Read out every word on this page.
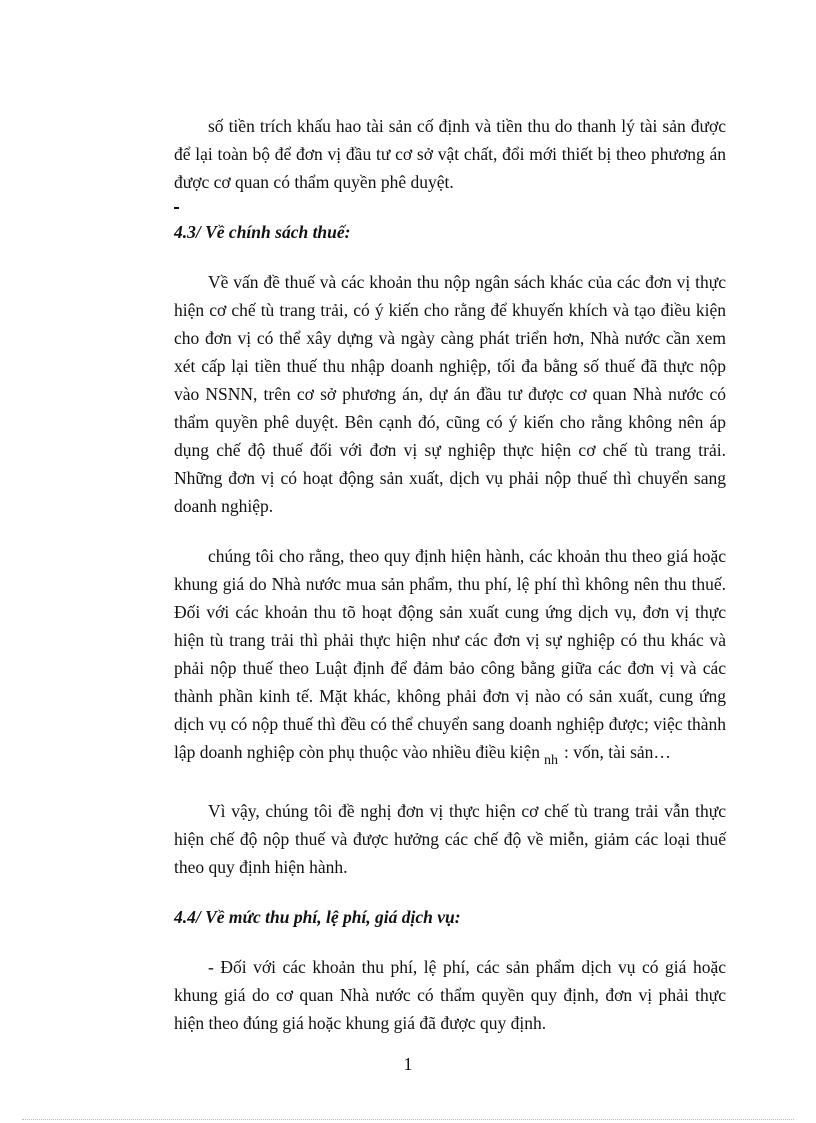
số tiền trích khấu hao tài sản cố định và tiền thu do thanh lý tài sản được để lại toàn bộ để đơn vị đầu tư cơ sở vật chất, đổi mới thiết bị theo phương án được cơ quan có thẩm quyền phê duyệt.

4.3/ Về chính sách thuế:

Về vấn đề thuế và các khoản thu nộp ngân sách khác của các đơn vị thực hiện cơ chế tù trang trải, có ý kiến cho rằng để khuyến khích và tạo điều kiện cho đơn vị có thể xây dựng và ngày càng phát triển hơn, Nhà nước cần xem xét cấp lại tiền thuế thu nhập doanh nghiệp, tối đa bằng số thuế đã thực nộp vào NSNN, trên cơ sở phương án, dự án đầu tư được cơ quan Nhà nước có thẩm quyền phê duyệt. Bên cạnh đó, cũng có ý kiến cho rằng không nên áp dụng chế độ thuế đối với đơn vị sự nghiệp thực hiện cơ chế tù trang trải. Những đơn vị có hoạt động sản xuất, dịch vụ phải nộp thuế thì chuyển sang doanh nghiệp.

chúng tôi cho rằng, theo quy định hiện hành, các khoản thu theo giá hoặc khung giá do Nhà nước mua sản phẩm, thu phí, lệ phí thì không nên thu thuế. Đối với các khoản thu tõ hoạt động sản xuất cung ứng dịch vụ, đơn vị thực hiện tù trang trải thì phải thực hiện như các đơn vị sự nghiệp có thu khác và phải nộp thuế theo Luật định để đảm bảo công bằng giữa các đơn vị và các thành phần kinh tế. Mặt khác, không phải đơn vị nào có sản xuất, cung ứng dịch vụ có nộp thuế thì đều có thể chuyển sang doanh nghiệp được; việc thành lập doanh nghiệp còn phụ thuộc vào nhiều điều kiện $_{nh}$ : vốn, tài sản…

Vì vậy, chúng tôi đề nghị đơn vị thực hiện cơ chế tù trang trải vẫn thực hiện chế độ nộp thuế và được hưởng các chế độ về miễn, giảm các loại thuế theo quy định hiện hành.

4.4/ Về mức thu phí, lệ phí, giá dịch vụ:

- Đối với các khoản thu phí, lệ phí, các sản phẩm dịch vụ có giá hoặc khung giá do cơ quan Nhà nước có thẩm quyền quy định, đơn vị phải thực hiện theo đúng giá hoặc khung giá đã được quy định.

1
